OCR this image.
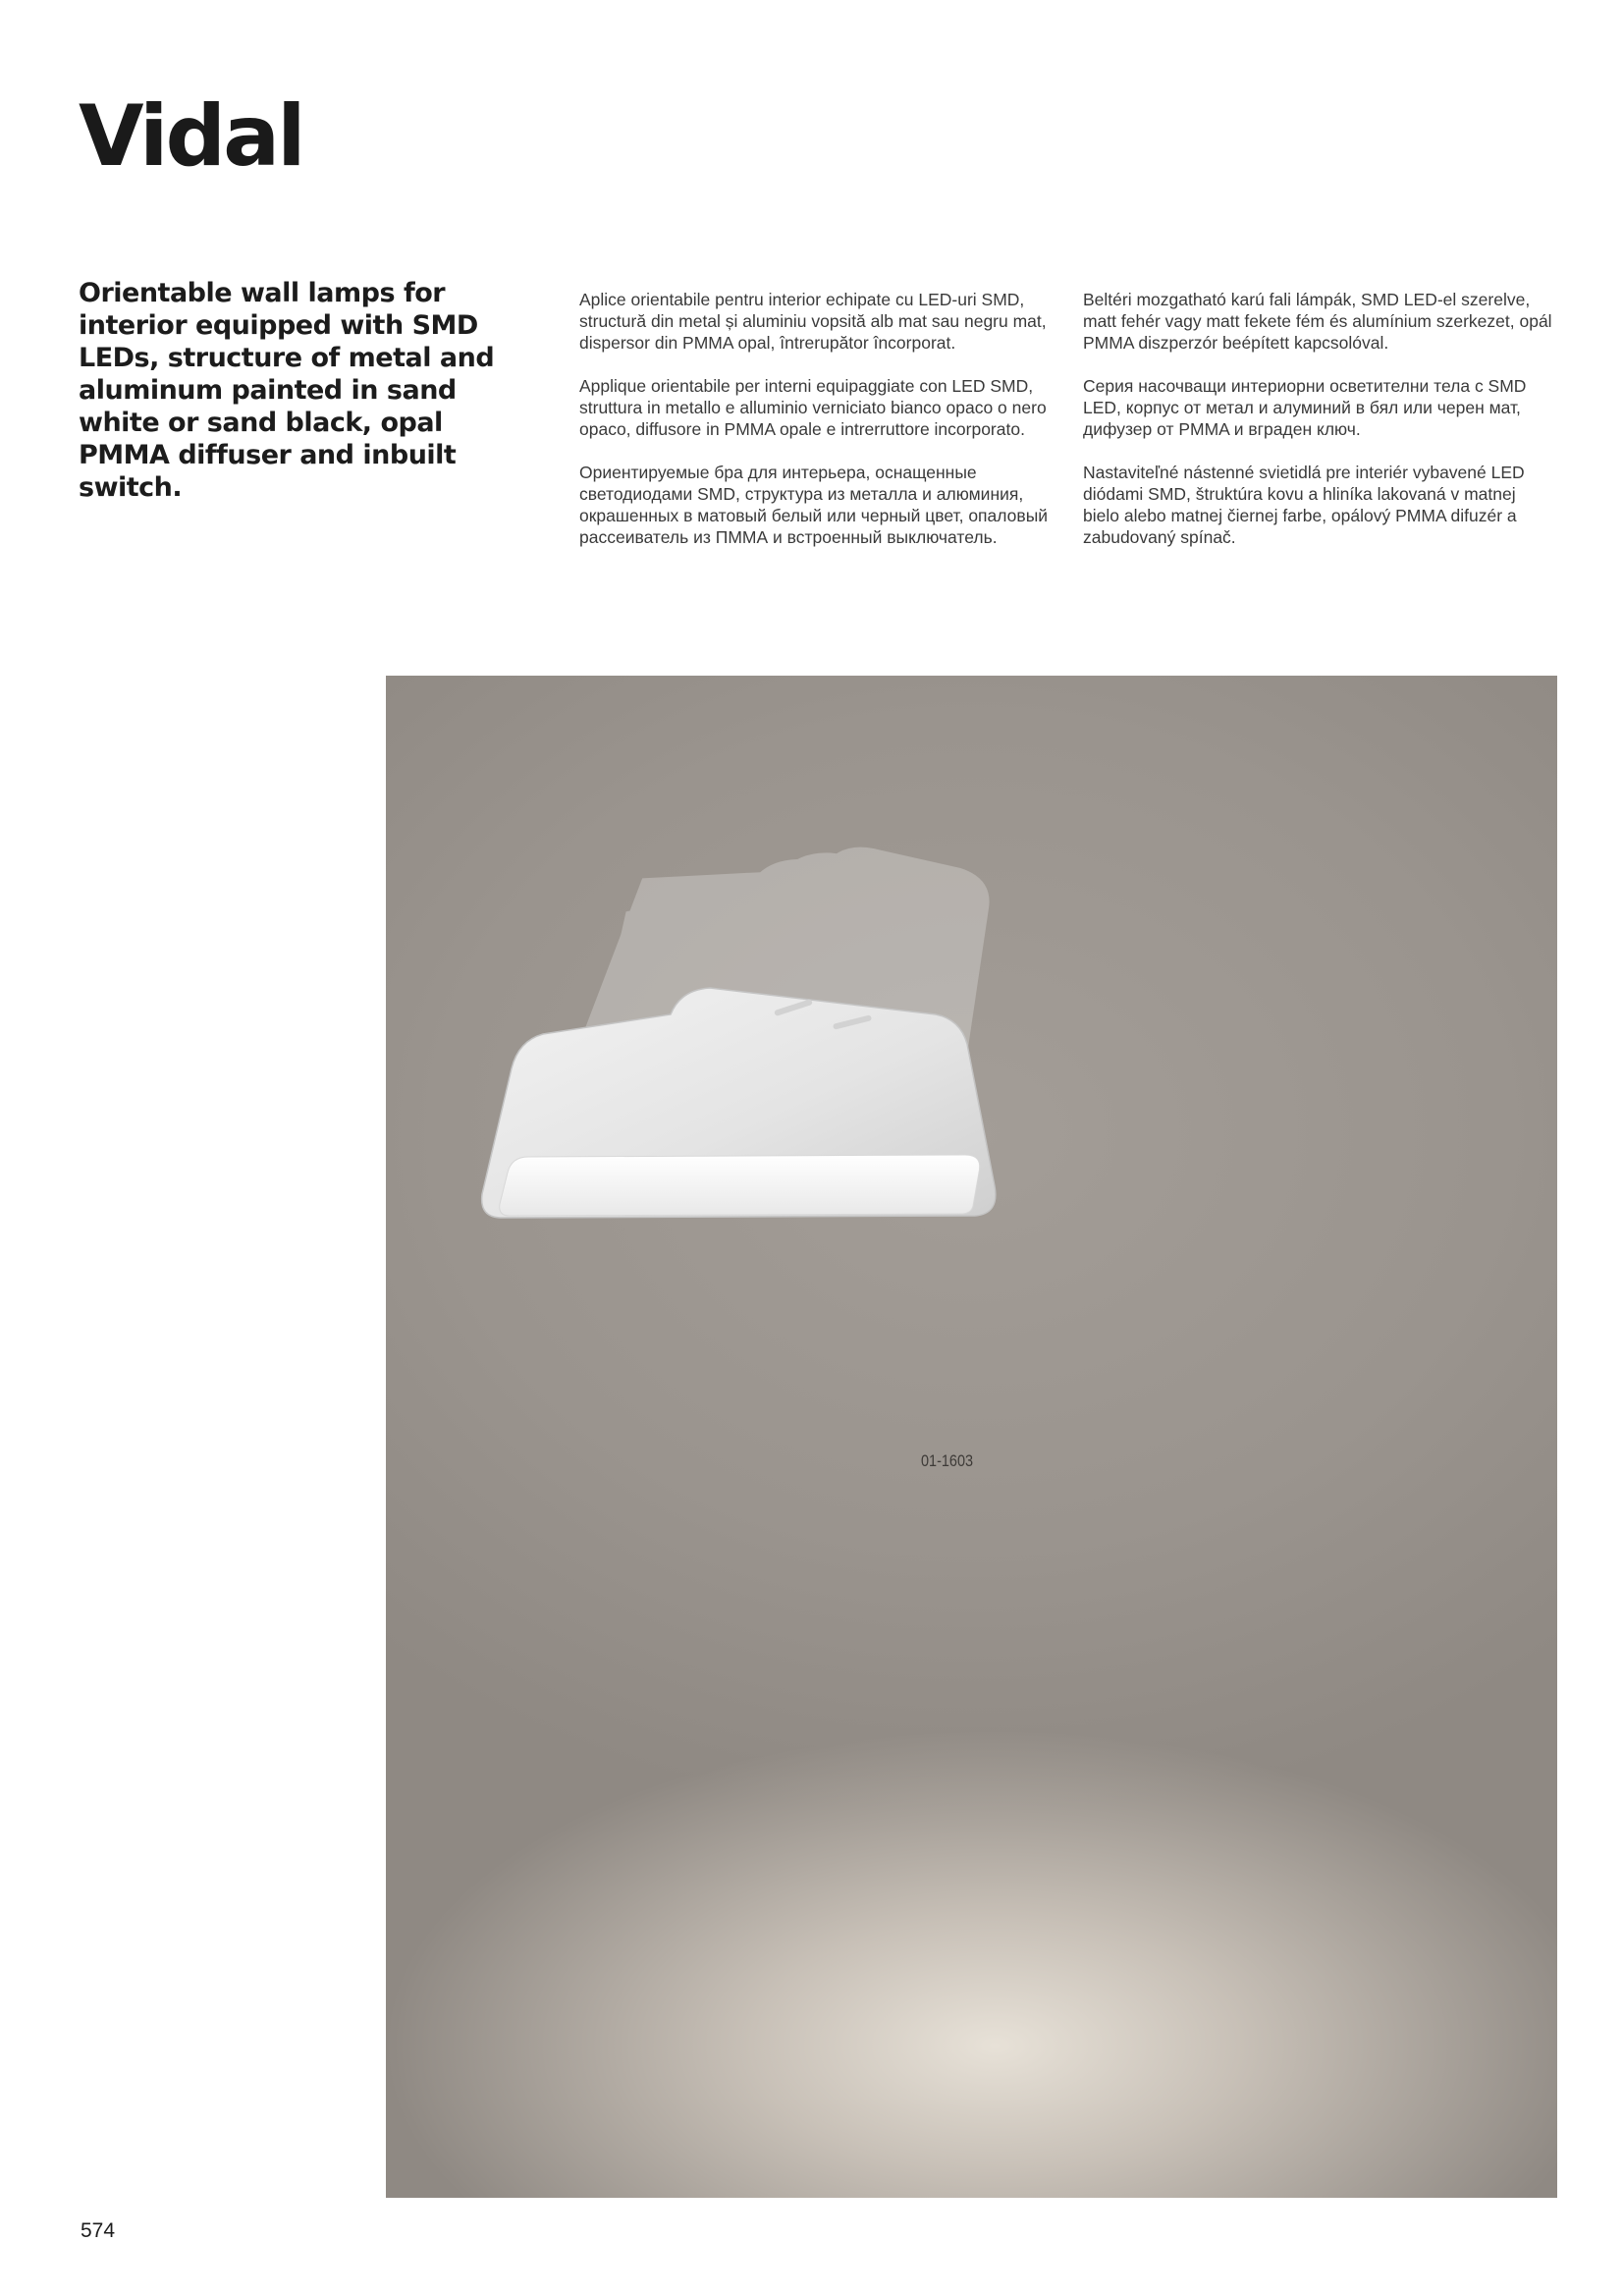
Vidal

Orientable wall lamps for interior equipped with SMD LEDs, structure of metal and aluminum painted in sand white or sand black, opal PMMA diffuser and inbuilt switch.

Aplice orientabile pentru interior echipate cu LED-uri SMD, structură din metal și aluminiu vopsită alb mat sau negru mat, dispersor din PMMA opal, întrerupător încorporat.

Applique orientabile per interni equipaggiate con LED SMD, struttura in metallo e alluminio verniciato bianco opaco o nero opaco, diffusore in PMMA opale e intrerruttore incorporato.

Ориентируемые бра для интерьера, оснащенные светодиодами SMD, структура из металла и алюминия, окрашенных в матовый белый или черный цвет, опаловый рассеиватель из ПММА и встроенный выключатель.

Beltéri mozgatható karú fali lámpák, SMD LED-el szerelve, matt fehér vagy matt fekete fém és alumínium szerkezet, opál PMMA diszperzór beépített kapcsolóval.

Серия насочващи интериорни осветителни тела с SMD LED, корпус от метал и алуминий в бял или черен мат, дифузер от PMMA и вграден ключ.

Nastaviteľné nástenné svietidlá pre interiér vybavené LED diódami SMD, štruktúra kovu a hliníka lakovaná v matnej bielo alebo matnej čiernej farbe, opálový PMMA difuzér a zabudovaný spínač.

01-1603
574
